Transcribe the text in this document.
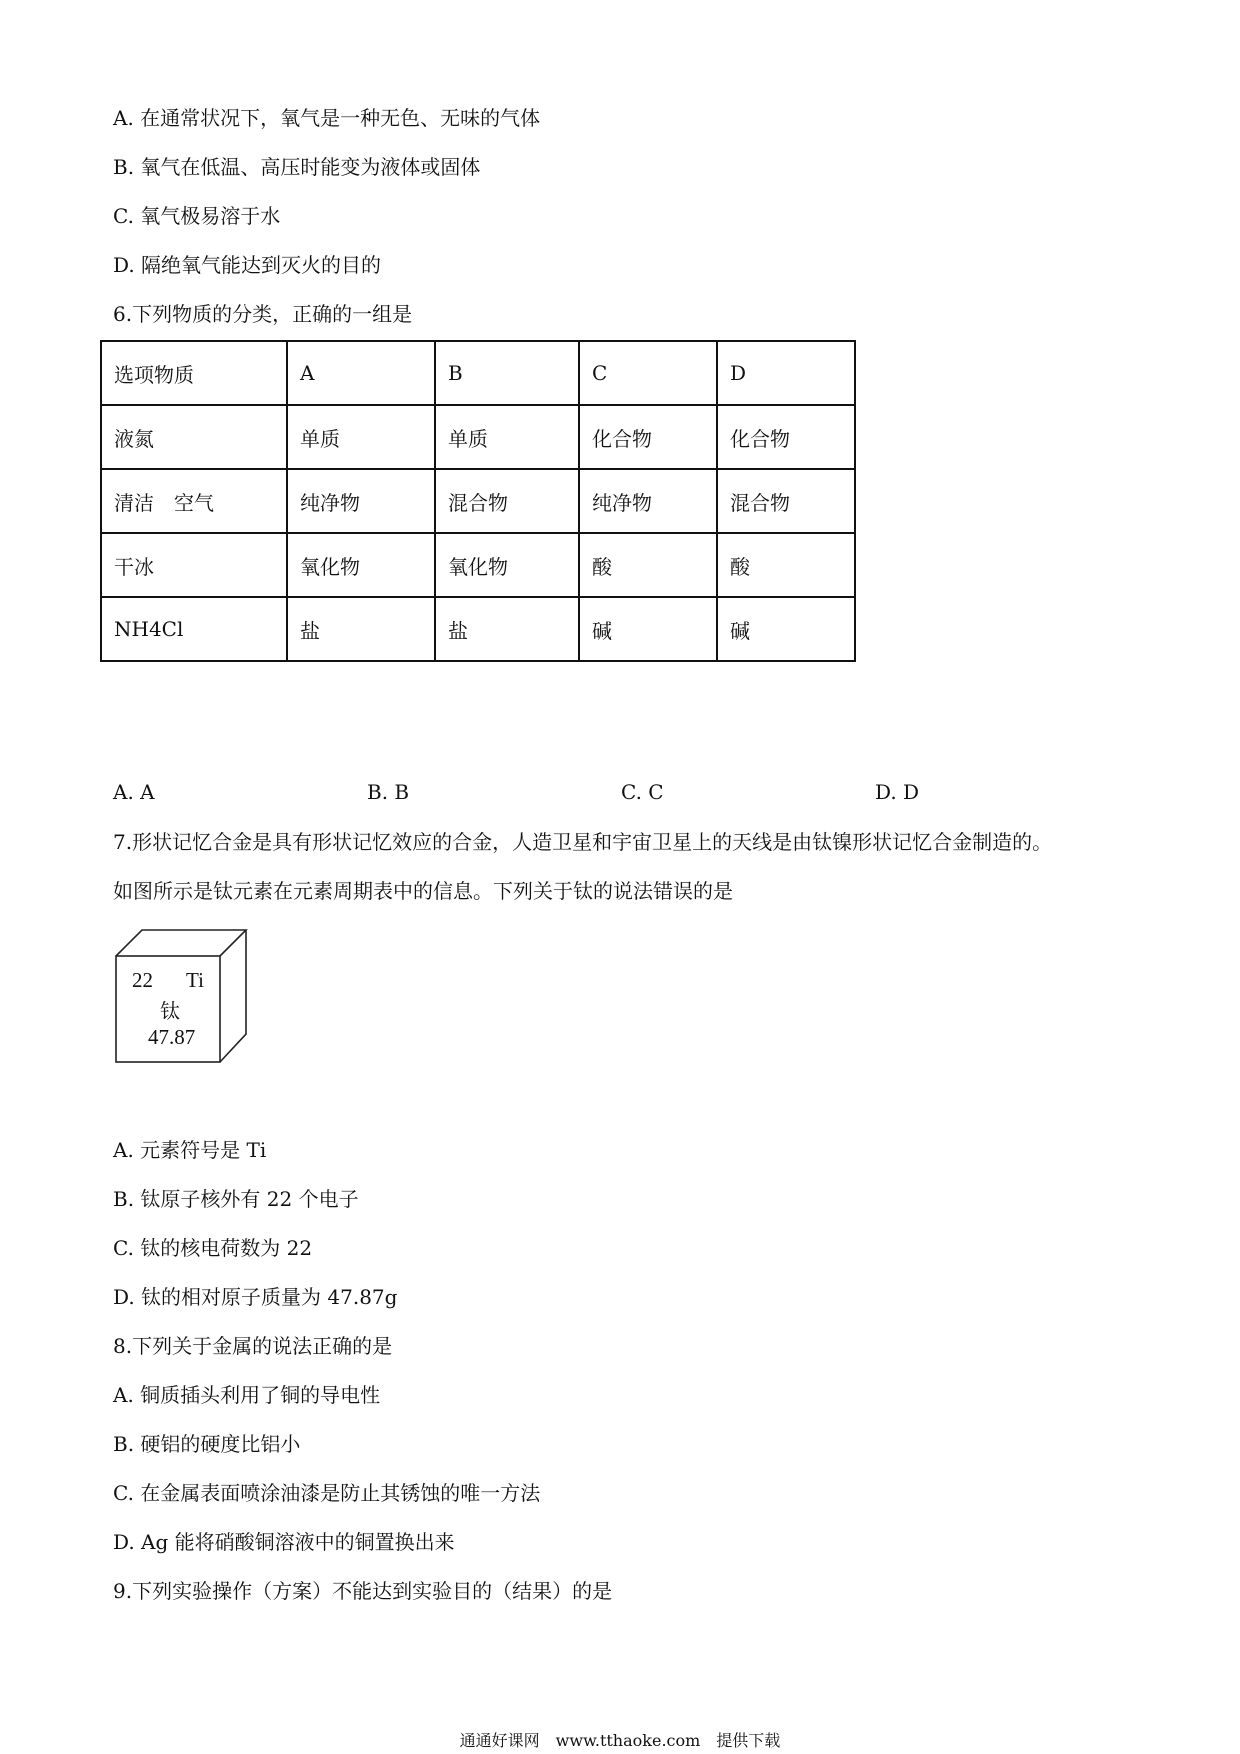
A. 在通常状况下，氧气是一种无色、无味的气体
B. 氧气在低温、高压时能变为液体或固体
C. 氧气极易溶于水
D. 隔绝氧气能达到灭火的目的
6.下列物质的分类，正确的一组是
选项物质	A	B	C	D
液氮	单质	单质	化合物	化合物
清洁　空气	纯净物	混合物	纯净物	混合物
干冰	氧化物	氧化物	酸	酸
NH4Cl	盐	盐	碱	碱
A. A	B. B	C. C	D. D
7.形状记忆合金是具有形状记忆效应的合金，人造卫星和宇宙卫星上的天线是由钛镍形状记忆合金制造的。
如图所示是钛元素在元素周期表中的信息。下列关于钛的说法错误的是
22 Ti
钛
47.87
A. 元素符号是 Ti
B. 钛原子核外有 22 个电子
C. 钛的核电荷数为 22
D. 钛的相对原子质量为 47.87g
8.下列关于金属的说法正确的是
A. 铜质插头利用了铜的导电性
B. 硬铝的硬度比铝小
C. 在金属表面喷涂油漆是防止其锈蚀的唯一方法
D. Ag 能将硝酸铜溶液中的铜置换出来
9.下列实验操作（方案）不能达到实验目的（结果）的是
通通好课网　www.tthaoke.com　提供下载
